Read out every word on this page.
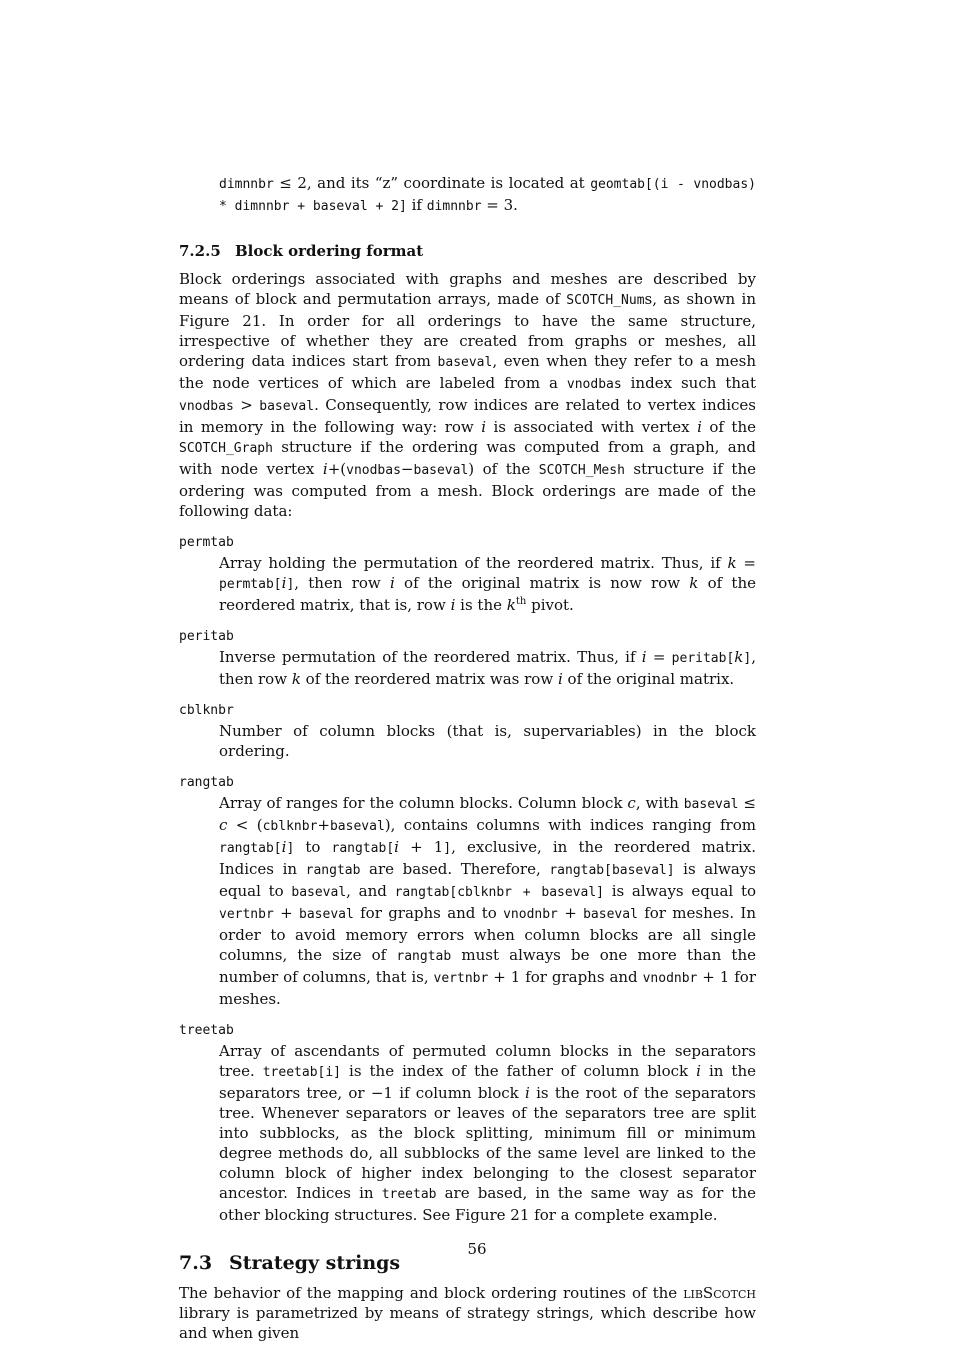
dimnnbr ≤ 2, and its “z” coordinate is located at geomtab[(i - vnodbas) * dimnnbr + baseval + 2] if dimnnbr = 3.

7.2.5 Block ordering format

Block orderings associated with graphs and meshes are described by means of block and permutation arrays, made of SCOTCH_Nums, as shown in Figure 21. In order for all orderings to have the same structure, irrespective of whether they are created from graphs or meshes, all ordering data indices start from baseval, even when they refer to a mesh the node vertices of which are labeled from a vnodbas index such that vnodbas > baseval. Consequently, row indices are related to vertex indices in memory in the following way: row i is associated with vertex i of the SCOTCH_Graph structure if the ordering was computed from a graph, and with node vertex i+(vnodbas−baseval) of the SCOTCH_Mesh structure if the ordering was computed from a mesh. Block orderings are made of the following data:

permtab
Array holding the permutation of the reordered matrix. Thus, if k = permtab[i], then row i of the original matrix is now row k of the reordered matrix, that is, row i is the $k^{th}$ pivot.
peritab
Inverse permutation of the reordered matrix. Thus, if i = peritab[k], then row k of the reordered matrix was row i of the original matrix.
cblknbr
Number of column blocks (that is, supervariables) in the block ordering.
rangtab
Array of ranges for the column blocks. Column block c, with baseval ≤ c < (cblknbr+baseval), contains columns with indices ranging from rangtab[i] to rangtab[i + 1], exclusive, in the reordered matrix. Indices in rangtab are based. Therefore, rangtab[baseval] is always equal to baseval, and rangtab[cblknbr + baseval] is always equal to vertnbr + baseval for graphs and to vnodnbr + baseval for meshes. In order to avoid memory errors when column blocks are all single columns, the size of rangtab must always be one more than the number of columns, that is, vertnbr + 1 for graphs and vnodnbr + 1 for meshes.
treetab
Array of ascendants of permuted column blocks in the separators tree. treetab[i] is the index of the father of column block i in the separators tree, or −1 if column block i is the root of the separators tree. Whenever separators or leaves of the separators tree are split into subblocks, as the block splitting, minimum fill or minimum degree methods do, all subblocks of the same level are linked to the column block of higher index belonging to the closest separator ancestor. Indices in treetab are based, in the same way as for the other blocking structures. See Figure 21 for a complete example.
7.3 Strategy strings

The behavior of the mapping and block ordering routines of the libScotch library is parametrized by means of strategy strings, which describe how and when given

56
